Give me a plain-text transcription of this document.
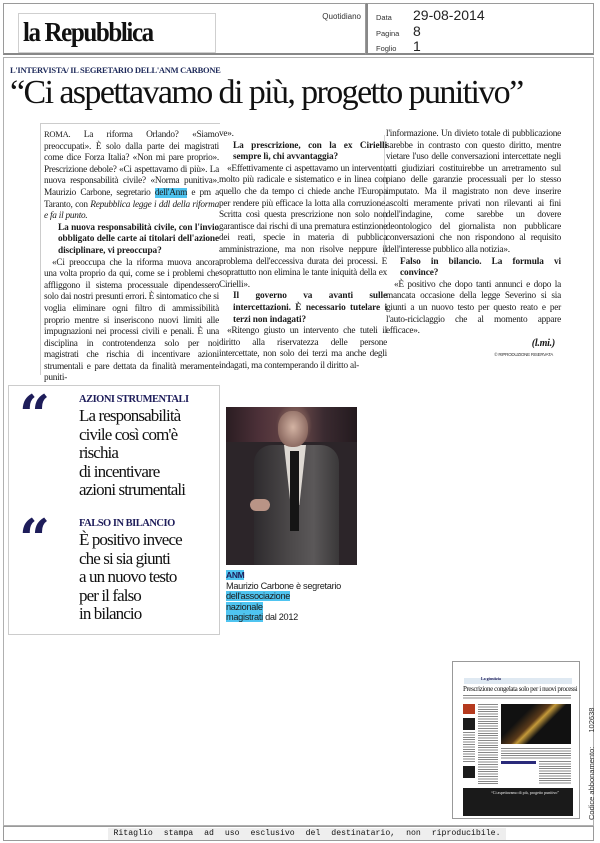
la Repubblica
Quotidiano Data 29-08-2014
Pagina 8
Foglio 1
L'INTERVISTA/ IL SEGRETARIO DELL'ANM CARBONE
“Ci aspettavamo di più, progetto punitivo”

ROMA. La riforma Orlando? «Siamo preoccupati». È solo dalla parte dei magistrati come dice Forza Italia? «Non mi pare proprio». Prescrizione debole? «Ci aspettavamo di più». La nuova responsabilità civile? «Norma punitiva». Maurizio Carbone, segretario dell'Anm e pm a Taranto, con Repubblica legge i ddl della riforma e fa il punto.

La nuova responsabilità civile, con l'invio obbligato delle carte ai titolari dell'azione disciplinare, vi preoccupa?

«Ci preoccupa che la riforma muova ancora una volta proprio da qui, come se i problemi che affliggono il sistema processuale dipendessero solo dai nostri presunti errori. È sintomatico che si voglia eliminare ogni filtro di ammissibilità proprio mentre si inseriscono nuovi limiti alle impugnazioni nei processi civili e penali. È una disciplina in controtendenza solo per noi magistrati che rischia di incentivare azioni strumentali e pare dettata da finalità meramente puniti-

ve».

La prescrizione, con la ex Cirielli sempre lì, chi avvantaggia?

«Effettivamente ci aspettavamo un intervento molto più radicale e sistematico e in linea con quello che da tempo ci chiede anche l'Europa per rendere più efficace la lotta alla corruzione. Scritta così questa prescrizione non solo non garantisce dai rischi di una prematura estinzione dei reati, specie in materia di pubblica amministrazione, ma non risolve neppure il problema dell'eccessiva durata dei processi. E soprattutto non elimina le tante iniquità della ex Cirielli».

Il governo va avanti sulle intercettazioni. È necessario tutelare i terzi non indagati?

«Ritengo giusto un intervento che tuteli il diritto alla riservatezza delle persone intercettate, non solo dei terzi ma anche degli indagati, ma contemperando il diritto al-

l'informazione. Un divieto totale di pubblicazione sarebbe in contrasto con questo diritto, mentre vietare l'uso delle conversazioni intercettate negli atti giudiziari costituirebbe un arretramento sul piano delle garanzie processuali per lo stesso imputato. Ma il magistrato non deve inserire ascolti meramente privati non rilevanti ai fini dell'indagine, come sarebbe un dovere deontologico del giornalista non pubblicare conversazioni che non rispondono al requisito dell'interesse pubblico alla notizia».

Falso in bilancio. La formula vi convince?

«È positivo che dopo tanti annunci e dopo la mancata occasione della legge Severino si sia giunti a un nuovo testo per questo reato e per l'auto-riciclaggio che al momento appare efficace».

(l.mi.)

© RIPRODUZIONE RISERVATA

“	AZIONI STRUMENTALI
La responsabilità
civile così com'è
rischia
di incentivare
azioni strumentali
“	FALSO IN BILANCIO
È positivo invece
che si sia giunti
a un nuovo testo
per il falso
in bilancio
ANM
Maurizio Carbone è segretario dell'associazione
nazionale
magistrati dal 2012
La giustizia
Prescrizione congelata solo per i nuovi processi
“Ci aspettavamo di più, progetto punitivo”	Codice abbonamento:102638
Ritaglio stampa ad uso esclusivo del destinatario, non riproducibile.
